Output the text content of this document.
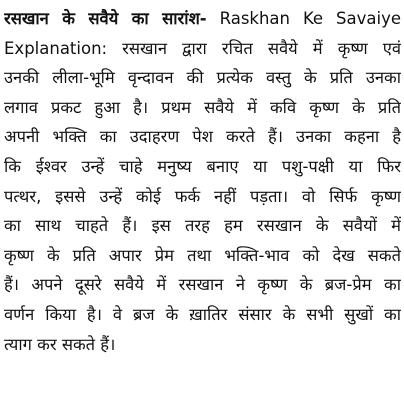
रसखान के सवैये का सारांश- Raskhan Ke Savaiye
Explanation: रसखान द्वारा रचित सवैये में कृष्ण एवं
उनकी लीला-भूमि वृन्दावन की प्रत्येक वस्तु के प्रति उनका
लगाव प्रकट हुआ है। प्रथम सवैये में कवि कृष्ण के प्रति
अपनी भक्ति का उदाहरण पेश करते हैं। उनका कहना है
कि ईश्वर उन्हें चाहे मनुष्य बनाए या पशु-पक्षी या फिर
पत्थर, इससे उन्हें कोई फर्क नहीं पड़ता। वो सिर्फ कृष्ण
का साथ चाहते हैं। इस तरह हम रसखान के सवैयों में
कृष्ण के प्रति अपार प्रेम तथा भक्ति-भाव को देख सकते
हैं। अपने दूसरे सवैये में रसखान ने कृष्ण के ब्रज-प्रेम का
वर्णन किया है। वे ब्रज के ख़ातिर संसार के सभी सुखों का
त्याग कर सकते हैं।
